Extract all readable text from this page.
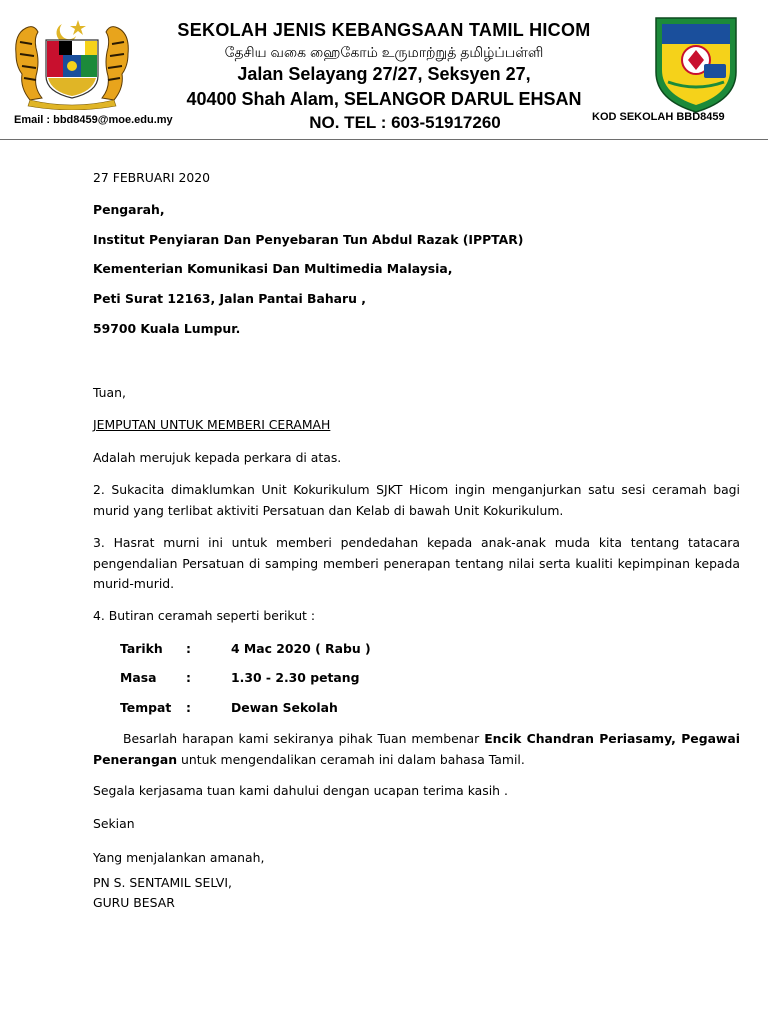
SEKOLAH JENIS KEBANGSAAN TAMIL HICOM
தேசிய வகை ஹைகோம் உருமாற்றுத் தமிழ்ப்பள்ளி
Jalan Selayang 27/27, Seksyen 27,
40400 Shah Alam, SELANGOR DARUL EHSAN
NO. TEL : 603-51917260
Email : bbd8459@moe.edu.my	KOD SEKOLAH BBD8459
27 FEBRUARI 2020
Pengarah,
Institut Penyiaran Dan Penyebaran Tun Abdul Razak (IPPTAR)
Kementerian Komunikasi Dan Multimedia Malaysia,
Peti Surat 12163, Jalan Pantai Baharu ,
59700 Kuala Lumpur.
Tuan,
JEMPUTAN UNTUK MEMBERI CERAMAH
Adalah merujuk kepada perkara di atas.
2. Sukacita dimaklumkan Unit Kokurikulum SJKT Hicom ingin menganjurkan satu sesi ceramah bagi murid yang terlibat aktiviti Persatuan dan Kelab di bawah Unit Kokurikulum.
3. Hasrat murni ini untuk memberi pendedahan kepada anak-anak muda kita tentang tatacara pengendalian Persatuan di samping memberi penerapan tentang nilai serta kualiti kepimpinan kepada murid-murid.
4. Butiran ceramah seperti berikut :
Tarikh :	4 Mac 2020 ( Rabu )
Masa :	1.30 - 2.30 petang
Tempat :	Dewan Sekolah
Besarlah harapan kami sekiranya pihak Tuan membenar Encik Chandran Periasamy, Pegawai Penerangan untuk mengendalikan ceramah ini dalam bahasa Tamil.
Segala kerjasama tuan kami dahului dengan ucapan terima kasih .
Sekian
Yang menjalankan amanah,
PN S. SENTAMIL SELVI,
GURU BESAR
